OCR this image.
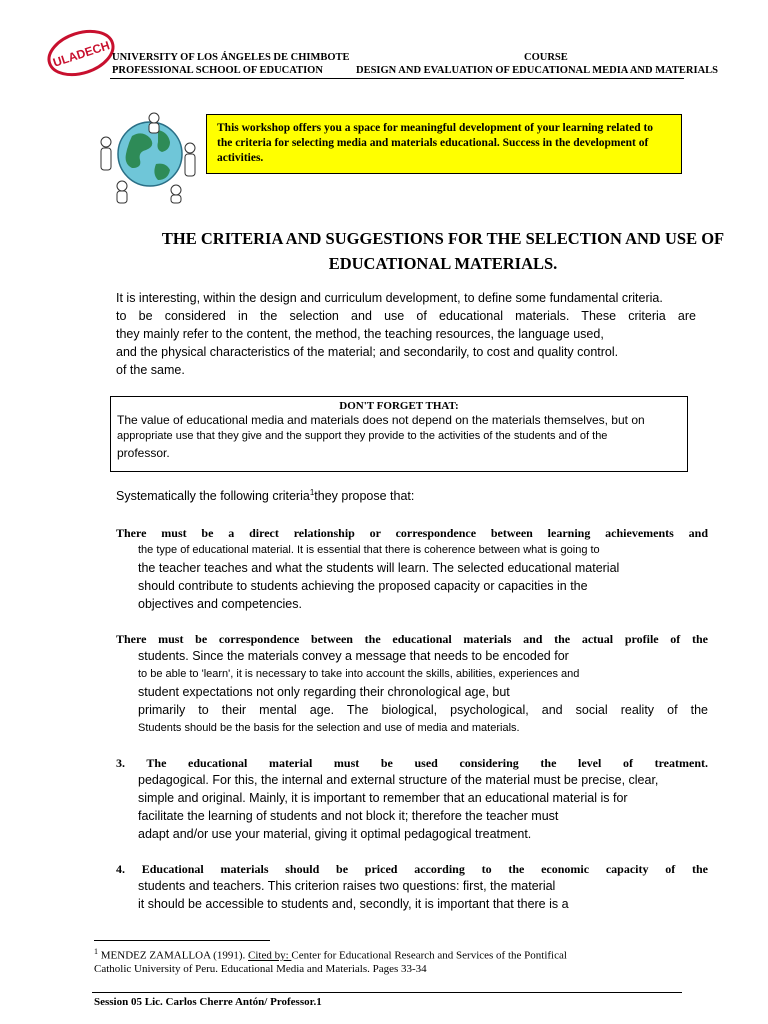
ULADECH UNIVERSITY OF LOS ÁNGELES DE CHIMBOTE	COURSE
PROFESSIONAL SCHOOL OF EDUCATION	DESIGN AND EVALUATION OF EDUCATIONAL MEDIA AND MATERIALS
This workshop offers you a space for meaningful development of your learning related to the criteria for selecting media and materials educational. Success in the development of activities.
THE CRITERIA AND SUGGESTIONS FOR THE SELECTION AND USE OF
EDUCATIONAL MATERIALS.
It is interesting, within the design and curriculum development, to define some fundamental criteria.
to be considered in the selection and use of educational materials. These criteria are
they mainly refer to the content, the method, the teaching resources, the language used,
and the physical characteristics of the material; and secondarily, to cost and quality control.
of the same.
DON'T FORGET THAT:
The value of educational media and materials does not depend on the materials themselves, but on
appropriate use that they give and the support they provide to the activities of the students and of the
professor.
Systematically the following criteria$^1$they propose that:
There must be a direct relationship or correspondence between learning achievements and
the type of educational material. It is essential that there is coherence between what is going to
the teacher teaches and what the students will learn. The selected educational material
should contribute to students achieving the proposed capacity or capacities in the
objectives and competencies.
There must be correspondence between the educational materials and the actual profile of the
students. Since the materials convey a message that needs to be encoded for
to be able to 'learn', it is necessary to take into account the skills, abilities, experiences and
student expectations not only regarding their chronological age, but
primarily to their mental age. The biological, psychological, and social reality of the
Students should be the basis for the selection and use of media and materials.
3. The educational material must be used considering the level of treatment.
pedagogical. For this, the internal and external structure of the material must be precise, clear,
simple and original. Mainly, it is important to remember that an educational material is for
facilitate the learning of students and not block it; therefore the teacher must
adapt and/or use your material, giving it optimal pedagogical treatment.
4. Educational materials should be priced according to the economic capacity of the
students and teachers. This criterion raises two questions: first, the material
it should be accessible to students and, secondly, it is important that there is a
$^1$ MENDEZ ZAMALLOA (1991). Cited by: Center for Educational Research and Services of the Pontifical
Catholic University of Peru. Educational Media and Materials. Pages 33-34
Session 05 Lic. Carlos Cherre Antón/ Professor.1
